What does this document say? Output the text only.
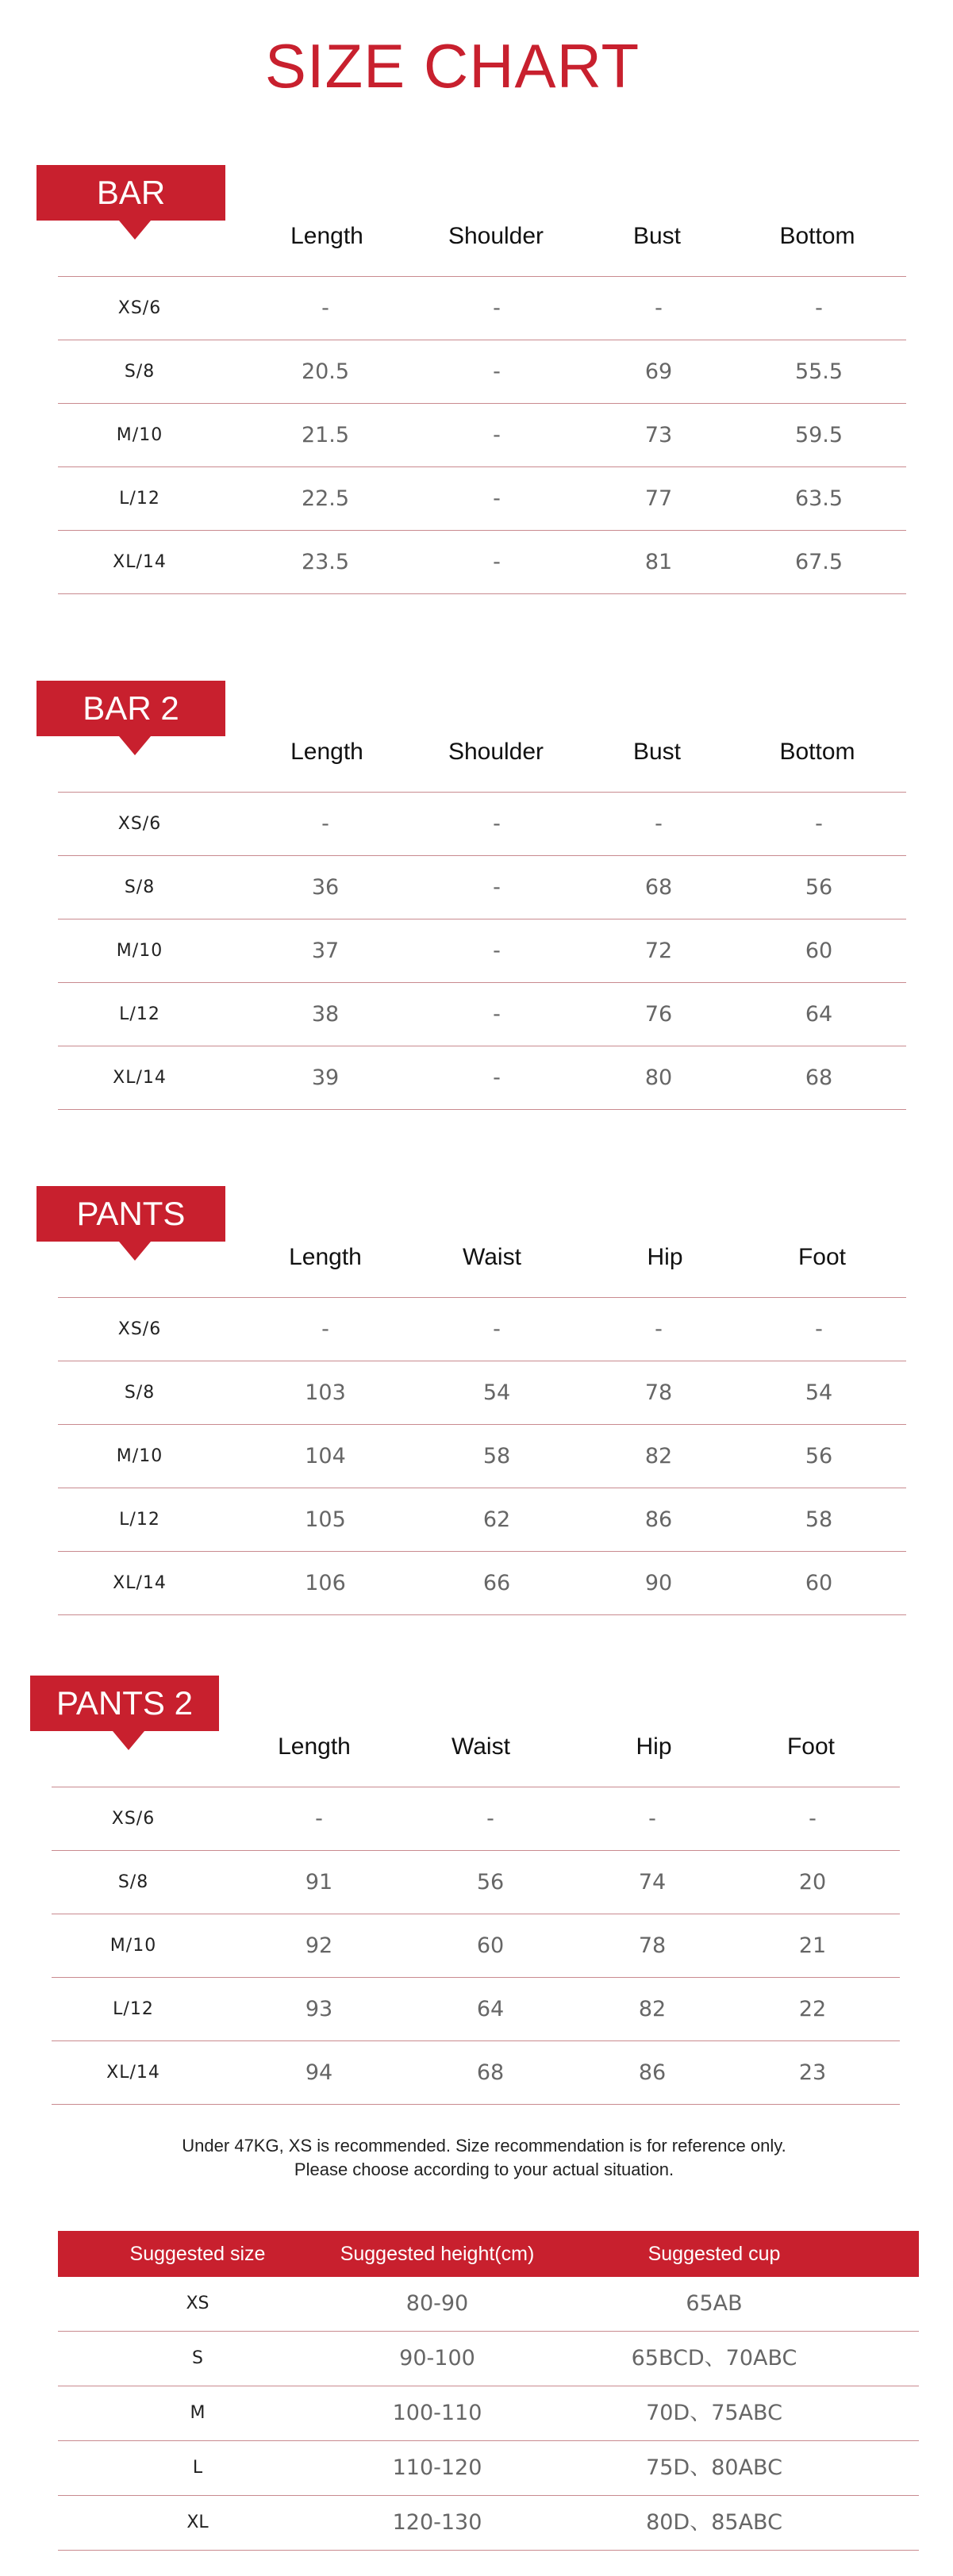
SIZE CHART
BAR
Length	Shoulder	Bust	Bottom
XS/6	-	-	-	-
S/8	20.5	-	69	55.5
M/10	21.5	-	73	59.5
L/12	22.5	-	77	63.5
XL/14	23.5	-	81	67.5
BAR 2
Length	Shoulder	Bust	Bottom
XS/6	-	-	-	-
S/8	36	-	68	56
M/10	37	-	72	60
L/12	38	-	76	64
XL/14	39	-	80	68
PANTS
Length	Waist	Hip	Foot
XS/6	-	-	-	-
S/8	103	54	78	54
M/10	104	58	82	56
L/12	105	62	86	58
XL/14	106	66	90	60
PANTS 2
Length	Waist	Hip	Foot
XS/6	-	-	-	-
S/8	91	56	74	20
M/10	92	60	78	21
L/12	93	64	82	22
XL/14	94	68	86	23
Under 47KG, XS is recommended. Size recommendation is for reference only.
Please choose according to your actual situation.
Suggested size	Suggested height(cm)	Suggested cup
XS	80-90	65AB
S	90-100	65BCD、70ABC
M	100-110	70D、75ABC
L	110-120	75D、80ABC
XL	120-130	80D、85ABC
